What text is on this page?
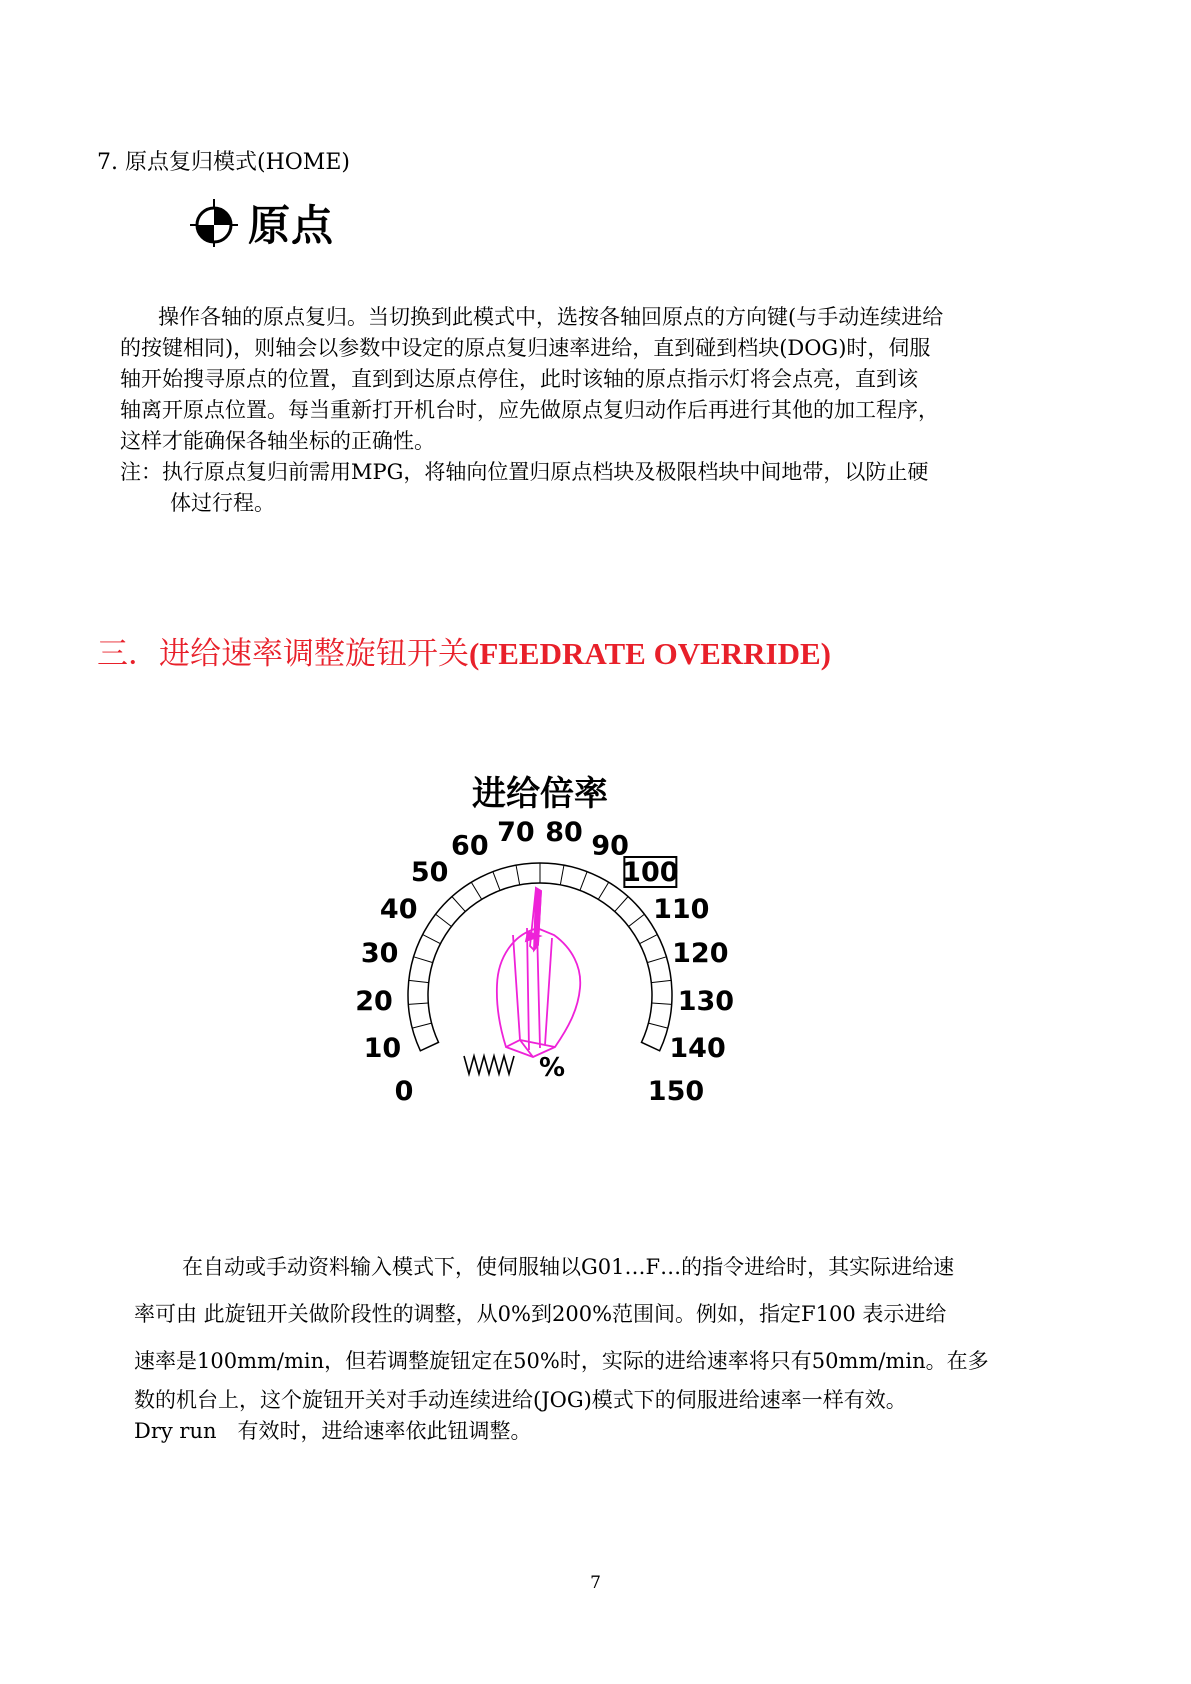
7. 原点复归模式(HOME)
原点
操作各轴的原点复归。当切换到此模式中，选按各轴回原点的方向键(与手动连续进给
的按键相同)，则轴会以参数中设定的原点复归速率进给，直到碰到档块(DOG)时，伺服
轴开始搜寻原点的位置，直到到达原点停住，此时该轴的原点指示灯将会点亮，直到该
轴离开原点位置。每当重新打开机台时，应先做原点复归动作后再进行其他的加工程序，
这样才能确保各轴坐标的正确性。
注：执行原点复归前需用MPG，将轴向位置归原点档块及极限档块中间地带，以防止硬
体过行程。
三．进给速率调整旋钮开关(FEEDRATE OVERRIDE)
进给倍率
0
10
20
30
40
50
60 70 80 90
100
110
120
130
140
150
%
在自动或手动资料输入模式下，使伺服轴以G01…F…的指令进给时，其实际进给速
率可由 此旋钮开关做阶段性的调整，从0%到200%范围间。例如，指定F100 表示进给
速率是100mm/min，但若调整旋钮定在50%时，实际的进给速率将只有50mm/min。在多
数的机台上，这个旋钮开关对手动连续进给(JOG)模式下的伺服进给速率一样有效。
Dry run　有效时，进给速率依此钮调整。
7
